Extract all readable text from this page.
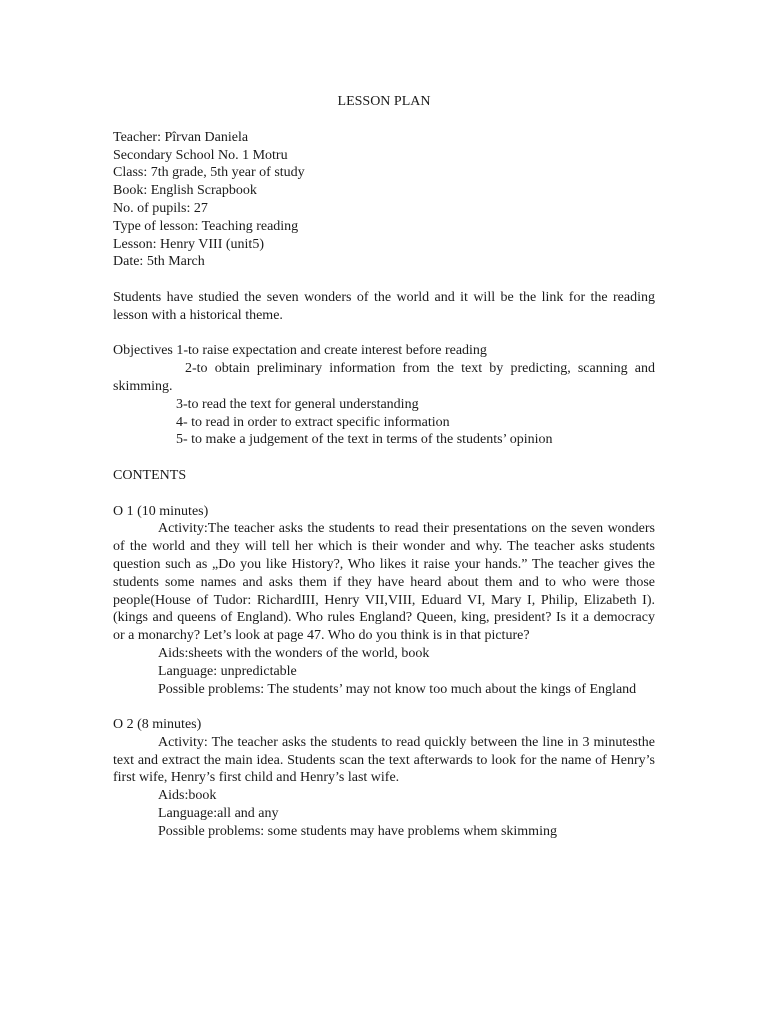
LESSON PLAN
Teacher: Pîrvan Daniela
Secondary School No. 1 Motru
Class: 7th grade, 5th year of study
Book: English Scrapbook
No. of pupils: 27
Type of lesson: Teaching reading
Lesson: Henry VIII (unit5)
Date: 5th March

Students have studied the seven wonders of the world and it will be the link for the reading lesson with a historical theme.

Objectives 1-to raise expectation and create interest before reading

2-to obtain preliminary information from the text by predicting, scanning and skimming.

3-to read the text for general understanding
4- to read in order to extract specific information
5- to make a judgement of the text in terms of the students’ opinion
CONTENTS
O 1 (10 minutes)

Activity:The teacher asks the students to read their presentations on the seven wonders of the world and they will tell her which is their wonder and why. The teacher asks students question such as „Do you like History?, Who likes it raise your hands.” The teacher gives the students some names and asks them if they have heard about them and to who were those people(House of Tudor: RichardIII, Henry VII,VIII, Eduard VI, Mary I, Philip, Elizabeth I).(kings and queens of England). Who rules England? Queen, king, president? Is it a democracy or a monarchy? Let’s look at page 47. Who do you think is in that picture?

Aids:sheets with the wonders of the world, book
Language: unpredictable

Possible problems: The students’ may not know too much about the kings of England

O 2 (8 minutes)

Activity: The teacher asks the students to read quickly between the line in 3 minutesthe text and extract the main idea. Students scan the text afterwards to look for the name of Henry’s first wife, Henry’s first child and Henry’s last wife.

Aids:book
Language:all and any
Possible problems: some students may have problems whem skimming
